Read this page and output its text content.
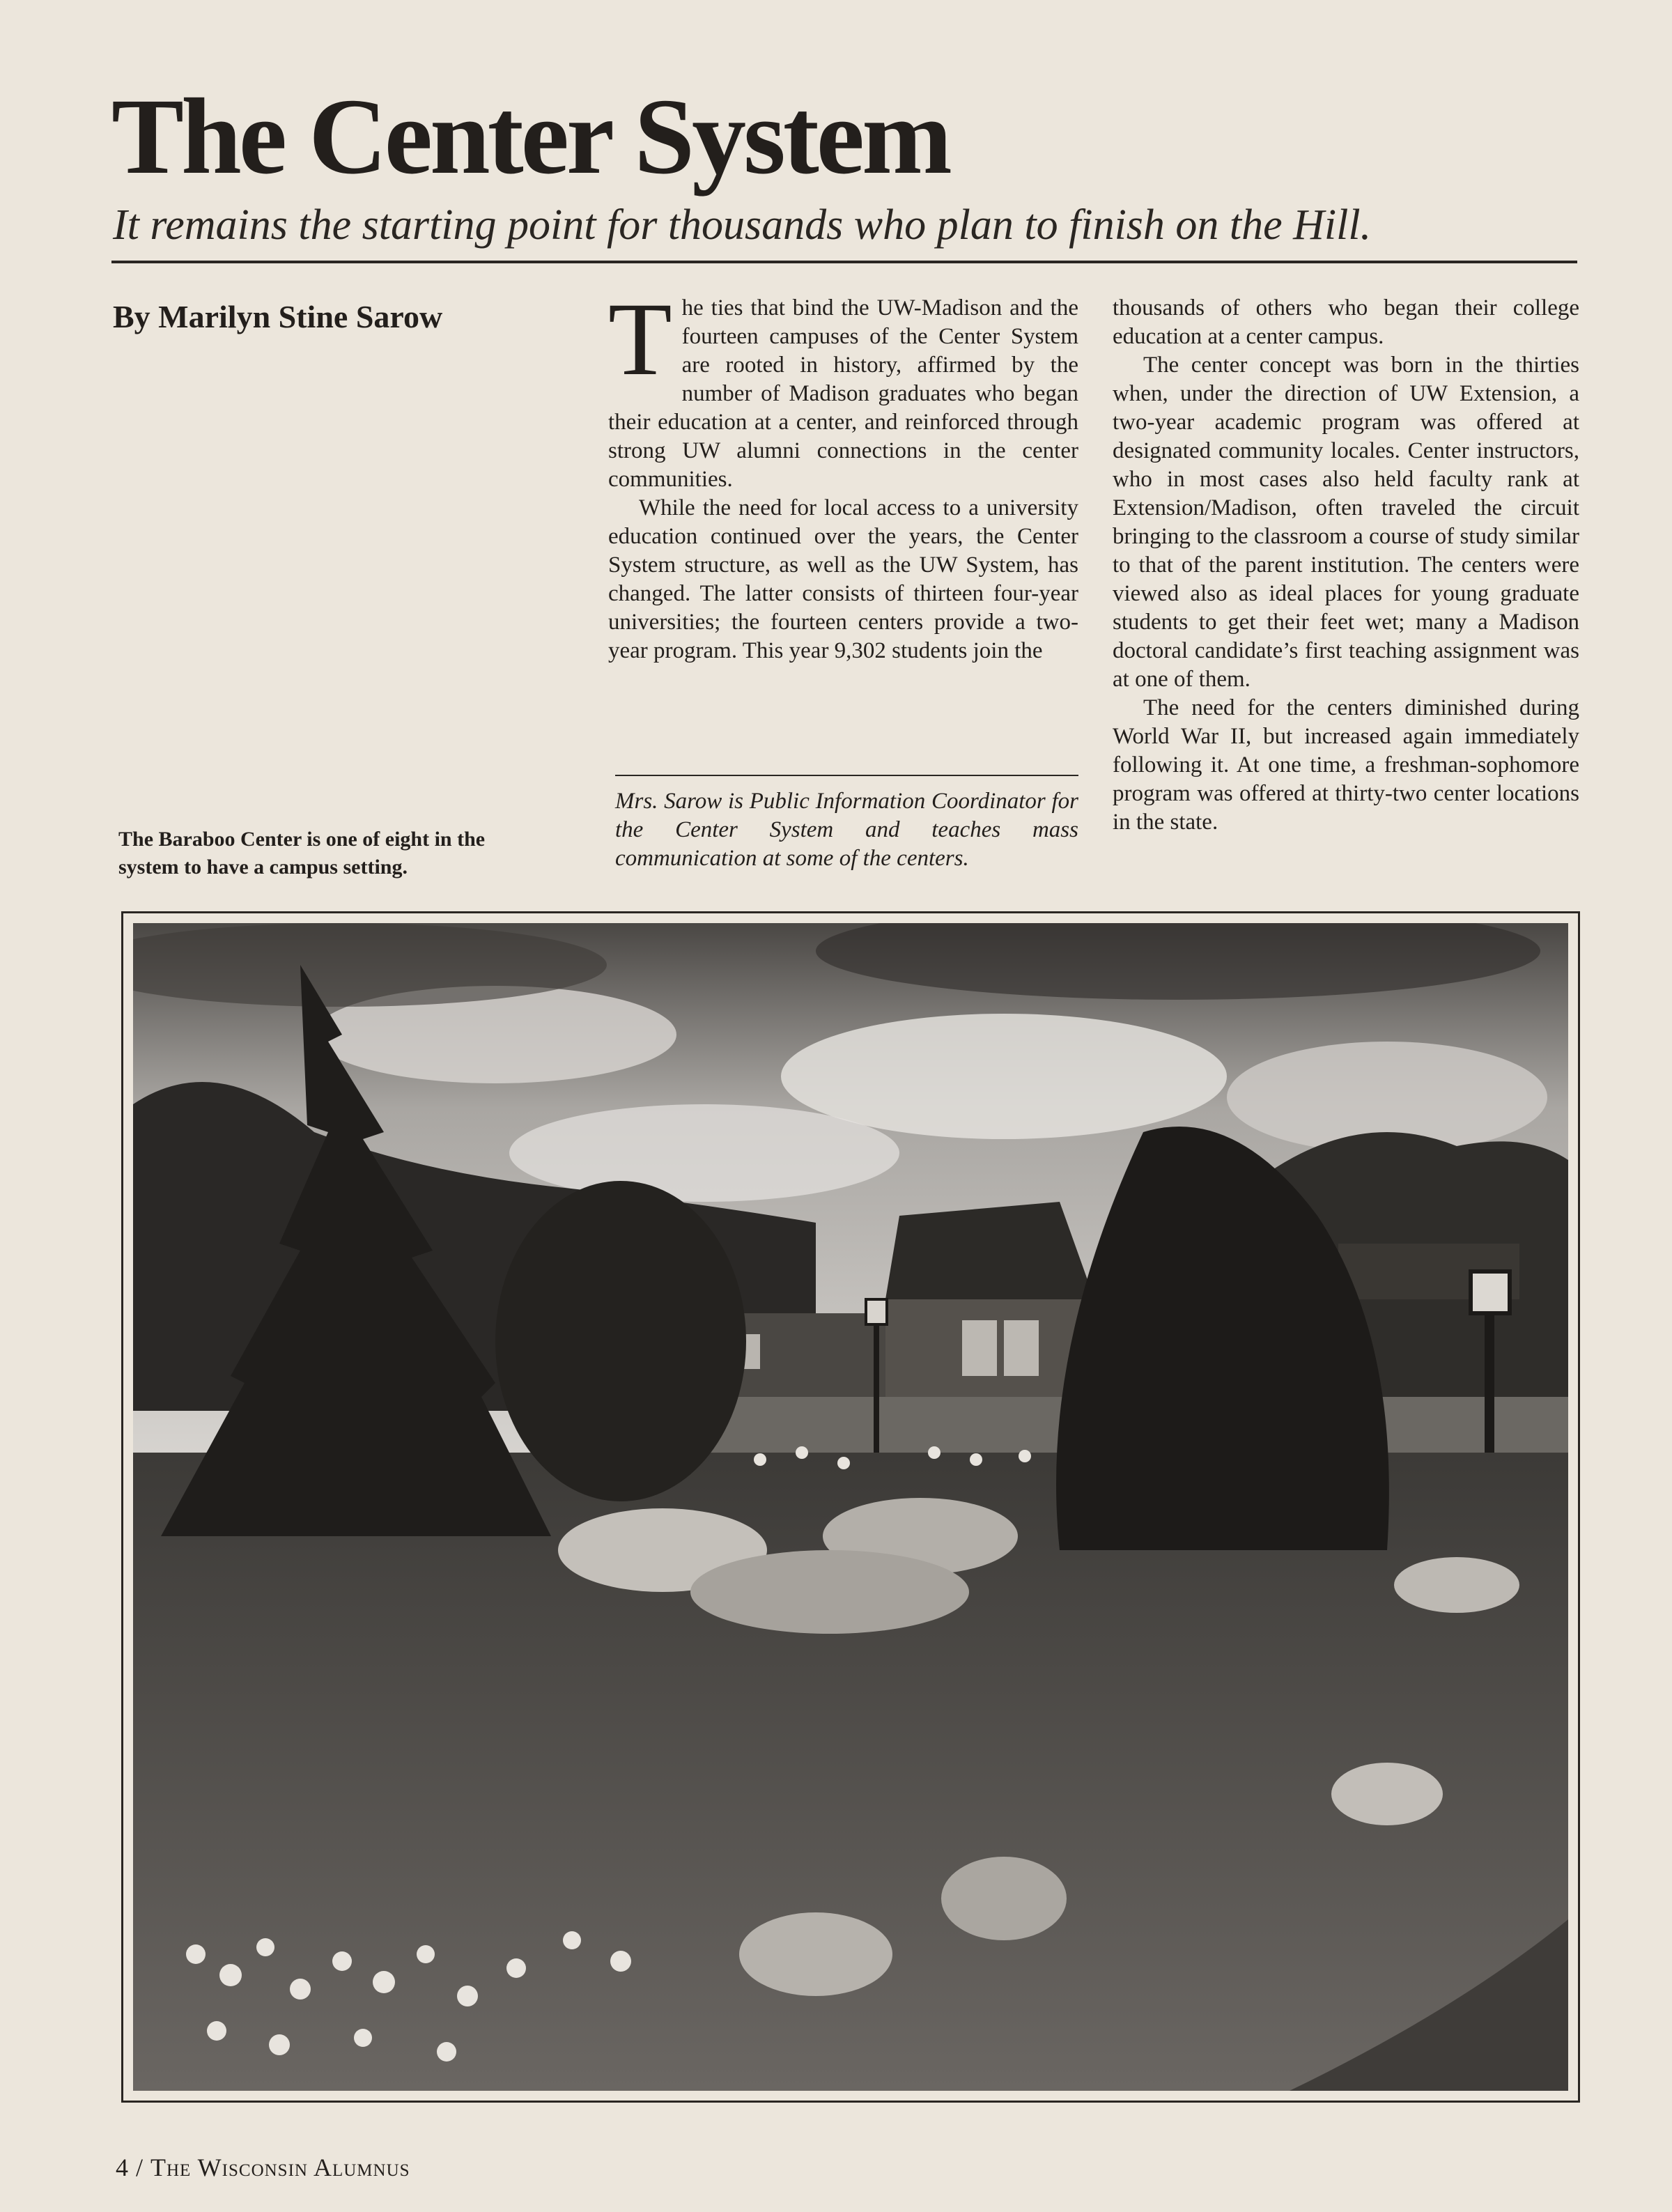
The Center System
It remains the starting point for thousands who plan to finish on the Hill.
By Marilyn Stine Sarow
The Baraboo Center is one of eight in the system to have a campus setting.

The ties that bind the UW-Madison and the fourteen campuses of the Center System are rooted in history, affirmed by the number of Madison graduates who began their education at a center, and reinforced through strong UW alumni connections in the center communities.

While the need for local access to a university education continued over the years, the Center System structure, as well as the UW System, has changed. The latter consists of thirteen four-year universities; the fourteen centers provide a two-year program. This year 9,302 students join the

Mrs. Sarow is Public Information Coordinator for the Center System and teaches mass communication at some of the centers.

thousands of others who began their college education at a center campus.

The center concept was born in the thirties when, under the direction of UW Extension, a two-year academic program was offered at designated community locales. Center instructors, who in most cases also held faculty rank at Extension/Madison, often traveled the circuit bringing to the classroom a course of study similar to that of the parent institution. The centers were viewed also as ideal places for young graduate students to get their feet wet; many a Madison doctoral candidate’s first teaching assignment was at one of them.

The need for the centers diminished during World War II, but increased again immediately following it. At one time, a freshman-sophomore program was offered at thirty-two center locations in the state.

4 / The Wisconsin Alumnus
